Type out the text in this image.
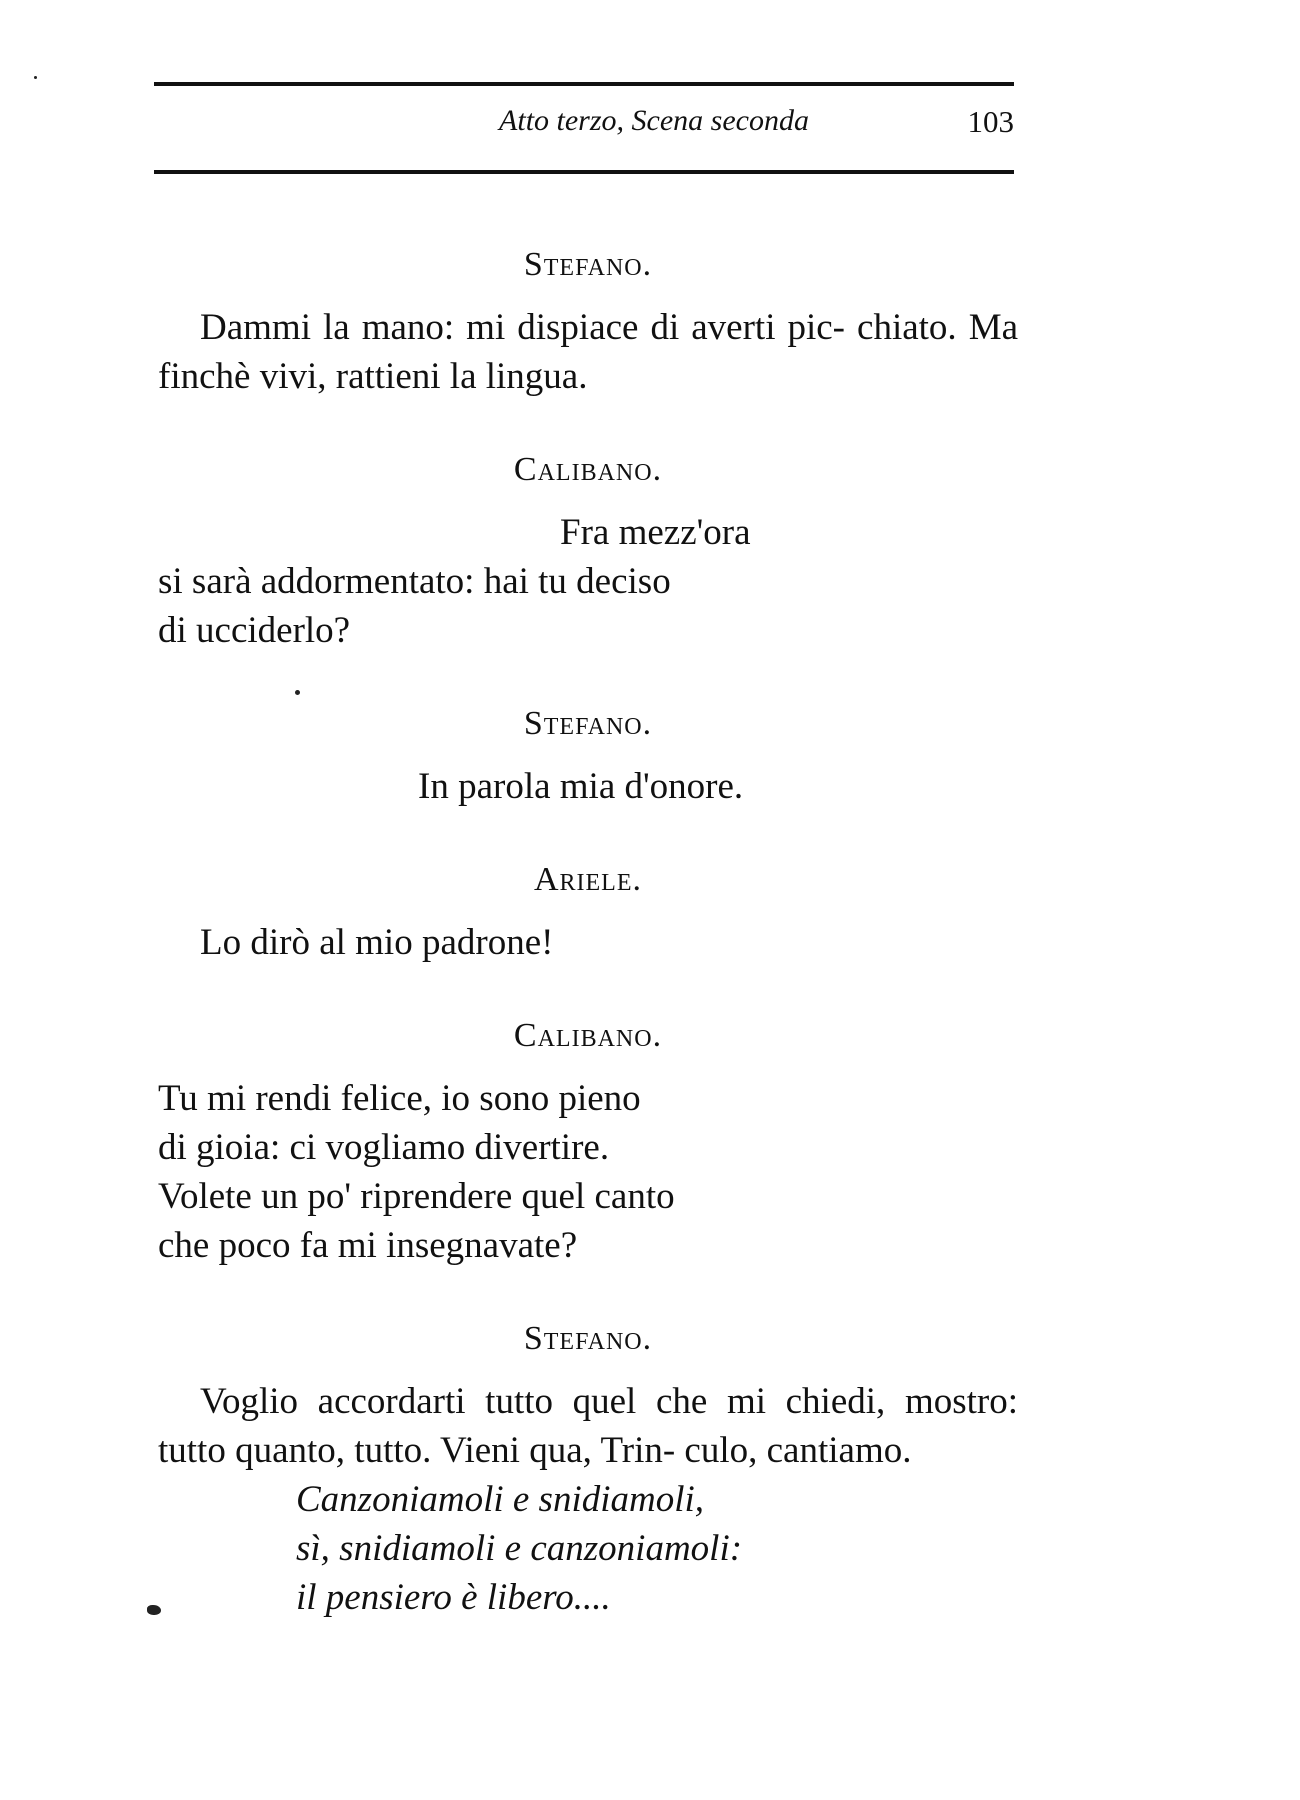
Atto terzo, Scena seconda	103
Stefano.

Dammi la mano: mi dispiace di averti pic- chiato. Ma finchè vivi, rattieni la lingua.

Calibano.
Fra mezz'ora
si sarà addormentato: hai tu deciso
di ucciderlo?
Stefano.
In parola mia d'onore.
Ariele.
Lo dirò al mio padrone!
Calibano.
Tu mi rendi felice, io sono pieno
di gioia: ci vogliamo divertire.
Volete un po' riprendere quel canto
che poco fa mi insegnavate?
Stefano.

Voglio accordarti tutto quel che mi chiedi, mostro: tutto quanto, tutto. Vieni qua, Trin- culo, cantiamo.

Canzoniamoli e snidiamoli,
sì, snidiamoli e canzoniamoli:
il pensiero è libero....
